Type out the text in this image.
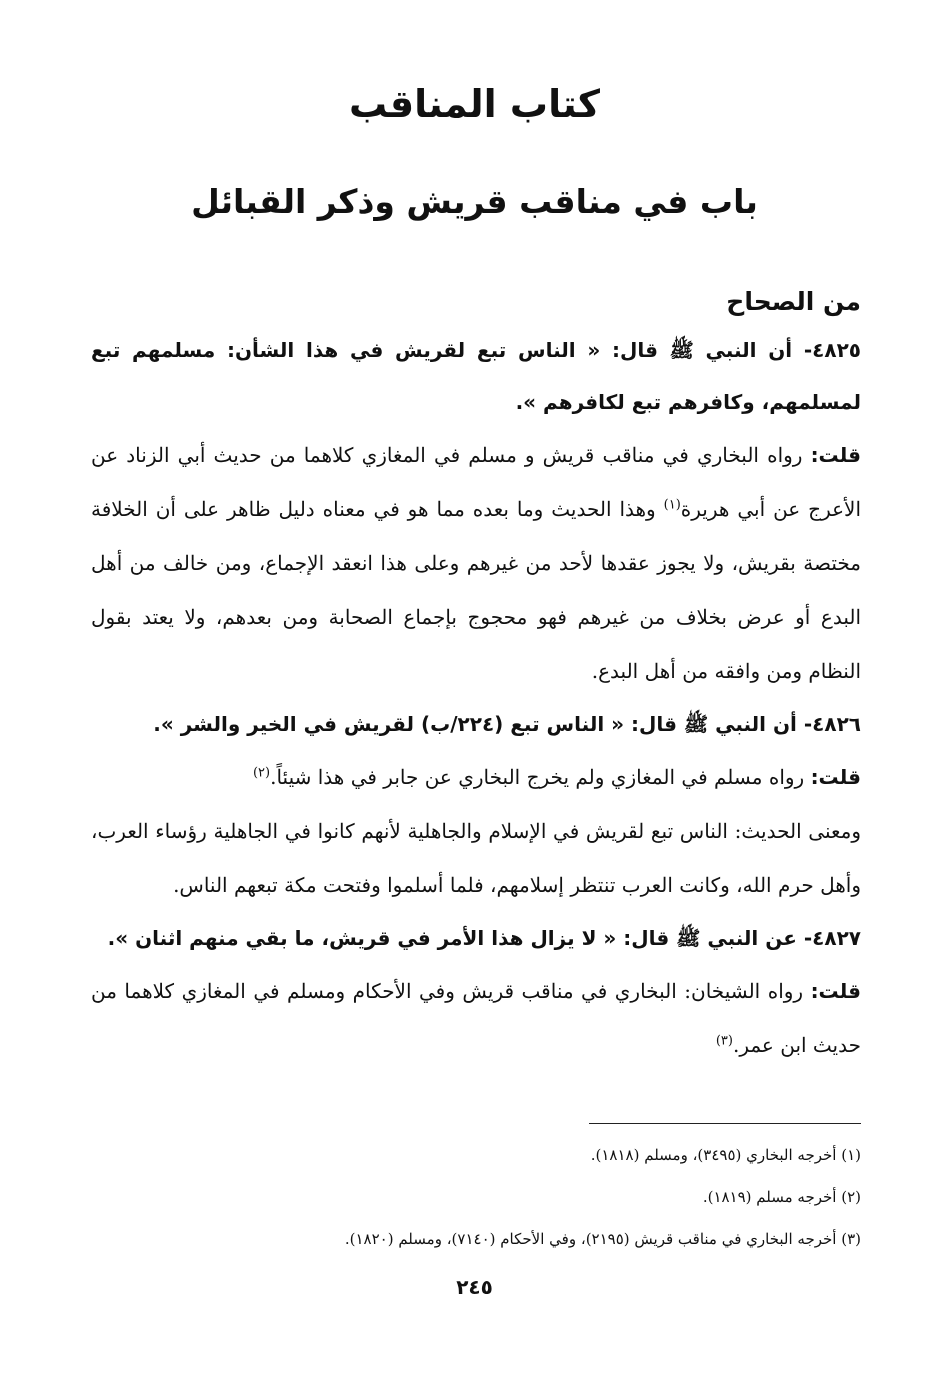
كتاب المناقب
باب في مناقب قريش وذكر القبائل
من الصحاح

٤٨٢٥- أن النبي ﷺ قال: « الناس تبع لقريش في هذا الشأن: مسلمهم تبع لمسلمهم، وكافرهم تبع لكافرهم ».

قلت: رواه البخاري في مناقب قريش و مسلم في المغازي كلاهما من حديث أبي الزناد عن الأعرج عن أبي هريرة$^{(١)}$ وهذا الحديث وما بعده مما هو في معناه دليل ظاهر على أن الخلافة مختصة بقريش، ولا يجوز عقدها لأحد من غيرهم وعلى هذا انعقد الإجماع، ومن خالف من أهل البدع أو عرض بخلاف من غيرهم فهو محجوج بإجماع الصحابة ومن بعدهم، ولا يعتد بقول النظام ومن وافقه من أهل البدع.

٤٨٢٦- أن النبي ﷺ قال: « الناس تبع (٢٢٤/ب) لقريش في الخير والشر ».

قلت: رواه مسلم في المغازي ولم يخرج البخاري عن جابر في هذا شيئاً.$^{(٢)}$

ومعنى الحديث: الناس تبع لقريش في الإسلام والجاهلية لأنهم كانوا في الجاهلية رؤساء العرب، وأهل حرم الله، وكانت العرب تنتظر إسلامهم، فلما أسلموا وفتحت مكة تبعهم الناس.

٤٨٢٧- عن النبي ﷺ قال: « لا يزال هذا الأمر في قريش، ما بقي منهم اثنان ».

قلت: رواه الشيخان: البخاري في مناقب قريش وفي الأحكام ومسلم في المغازي كلاهما من حديث ابن عمر.$^{(٣)}$

(١) أخرجه البخاري (٣٤٩٥)، ومسلم (١٨١٨).
(٢) أخرجه مسلم (١٨١٩).
(٣) أخرجه البخاري في مناقب قريش (٢١٩٥)، وفي الأحكام (٧١٤٠)، ومسلم (١٨٢٠).
٢٤٥
